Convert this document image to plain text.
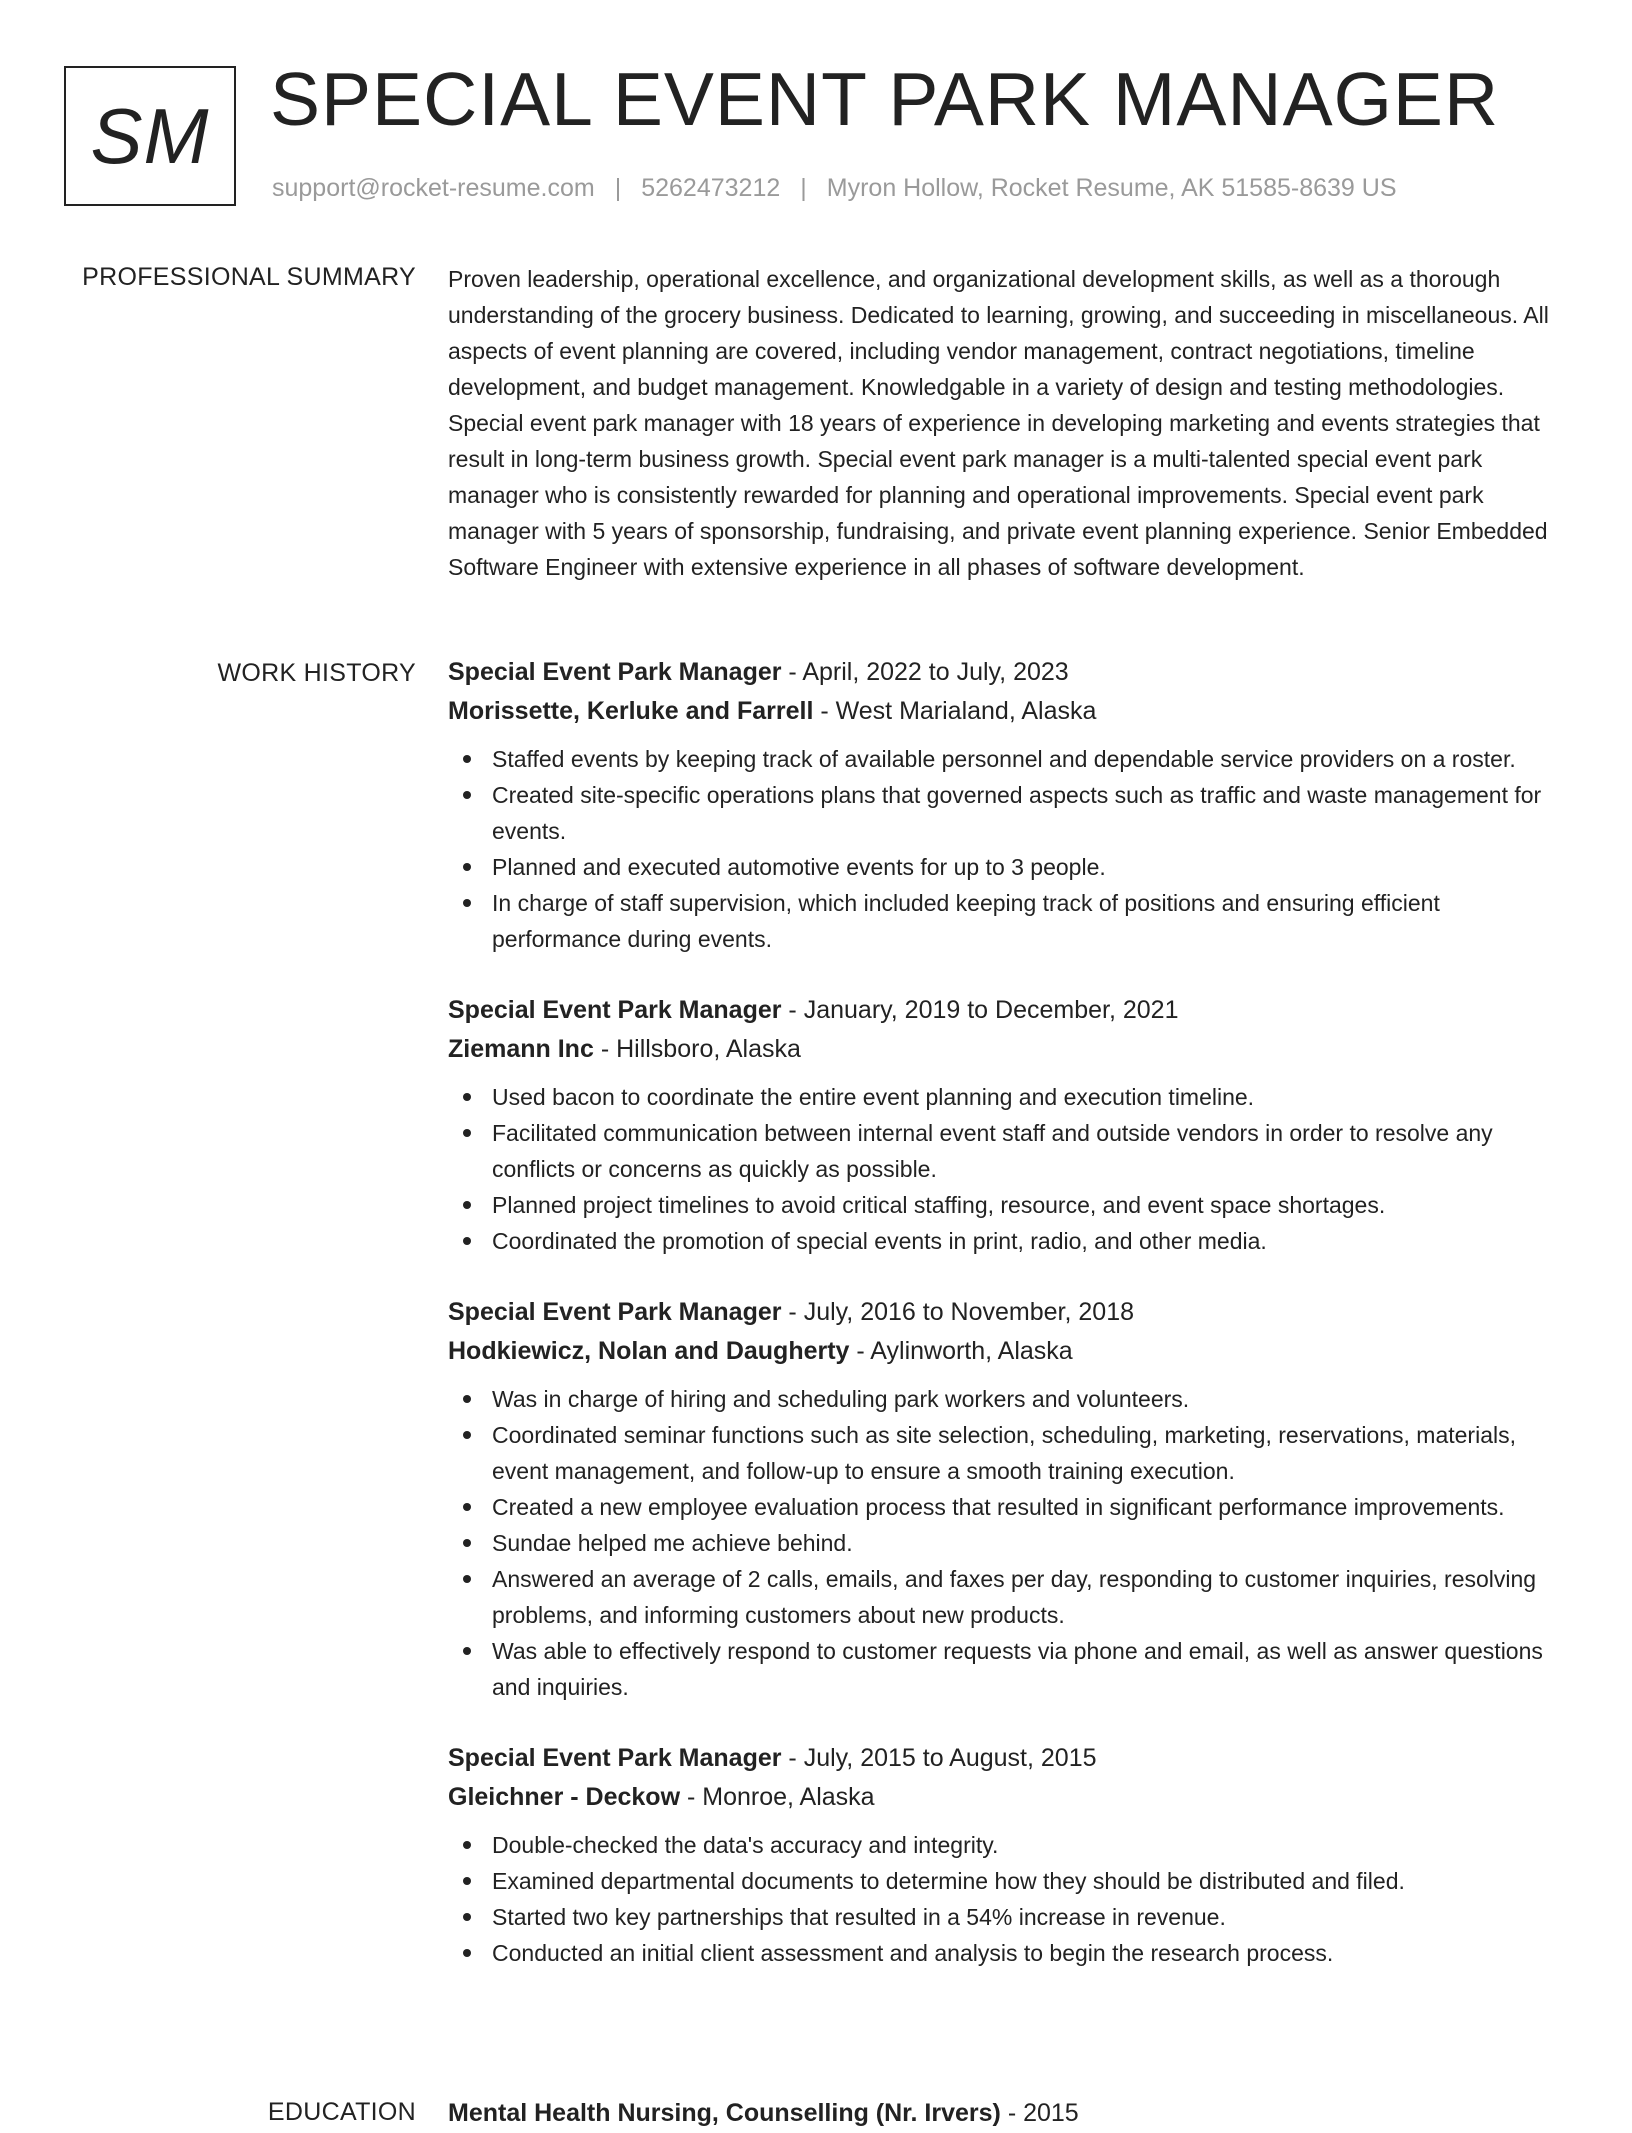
SM SPECIAL EVENT PARK MANAGER
support@rocket-resume.com | 5262473212 | Myron Hollow, Rocket Resume, AK 51585-8639 US
PROFESSIONAL SUMMARY Proven leadership, operational excellence, and organizational development skills, as well as a thorough understanding of the grocery business. Dedicated to learning, growing, and succeeding in miscellaneous. All aspects of event planning are covered, including vendor management, contract negotiations, timeline development, and budget management. Knowledgable in a variety of design and testing methodologies. Special event park manager with 18 years of experience in developing marketing and events strategies that result in long-term business growth. Special event park manager is a multi-talented special event park manager who is consistently rewarded for planning and operational improvements. Special event park manager with 5 years of sponsorship, fundraising, and private event planning experience. Senior Embedded Software Engineer with extensive experience in all phases of software development.

WORK HISTORY Special Event Park Manager - April, 2022 to July, 2023
Morissette, Kerluke and Farrell - West Marialand, Alaska
Staffed events by keeping track of available personnel and dependable service providers on a roster.
Created site-specific operations plans that governed aspects such as traffic and waste management for events.
Planned and executed automotive events for up to 3 people.
In charge of staff supervision, which included keeping track of positions and ensuring efficient performance during events.
Special Event Park Manager - January, 2019 to December, 2021
Ziemann Inc - Hillsboro, Alaska
Used bacon to coordinate the entire event planning and execution timeline.
Facilitated communication between internal event staff and outside vendors in order to resolve any conflicts or concerns as quickly as possible.
Planned project timelines to avoid critical staffing, resource, and event space shortages.
Coordinated the promotion of special events in print, radio, and other media.
Special Event Park Manager - July, 2016 to November, 2018
Hodkiewicz, Nolan and Daugherty - Aylinworth, Alaska
Was in charge of hiring and scheduling park workers and volunteers.
Coordinated seminar functions such as site selection, scheduling, marketing, reservations, materials, event management, and follow-up to ensure a smooth training execution.
Created a new employee evaluation process that resulted in significant performance improvements.
Sundae helped me achieve behind.
Answered an average of 2 calls, emails, and faxes per day, responding to customer inquiries, resolving problems, and informing customers about new products.
Was able to effectively respond to customer requests via phone and email, as well as answer questions and inquiries.
Special Event Park Manager - July, 2015 to August, 2015
Gleichner - Deckow - Monroe, Alaska
Double-checked the data's accuracy and integrity.
Examined departmental documents to determine how they should be distributed and filed.
Started two key partnerships that resulted in a 54% increase in revenue.
Conducted an initial client assessment and analysis to begin the research process.
EDUCATION Mental Health Nursing, Counselling (Nr. Irvers) - 2015
